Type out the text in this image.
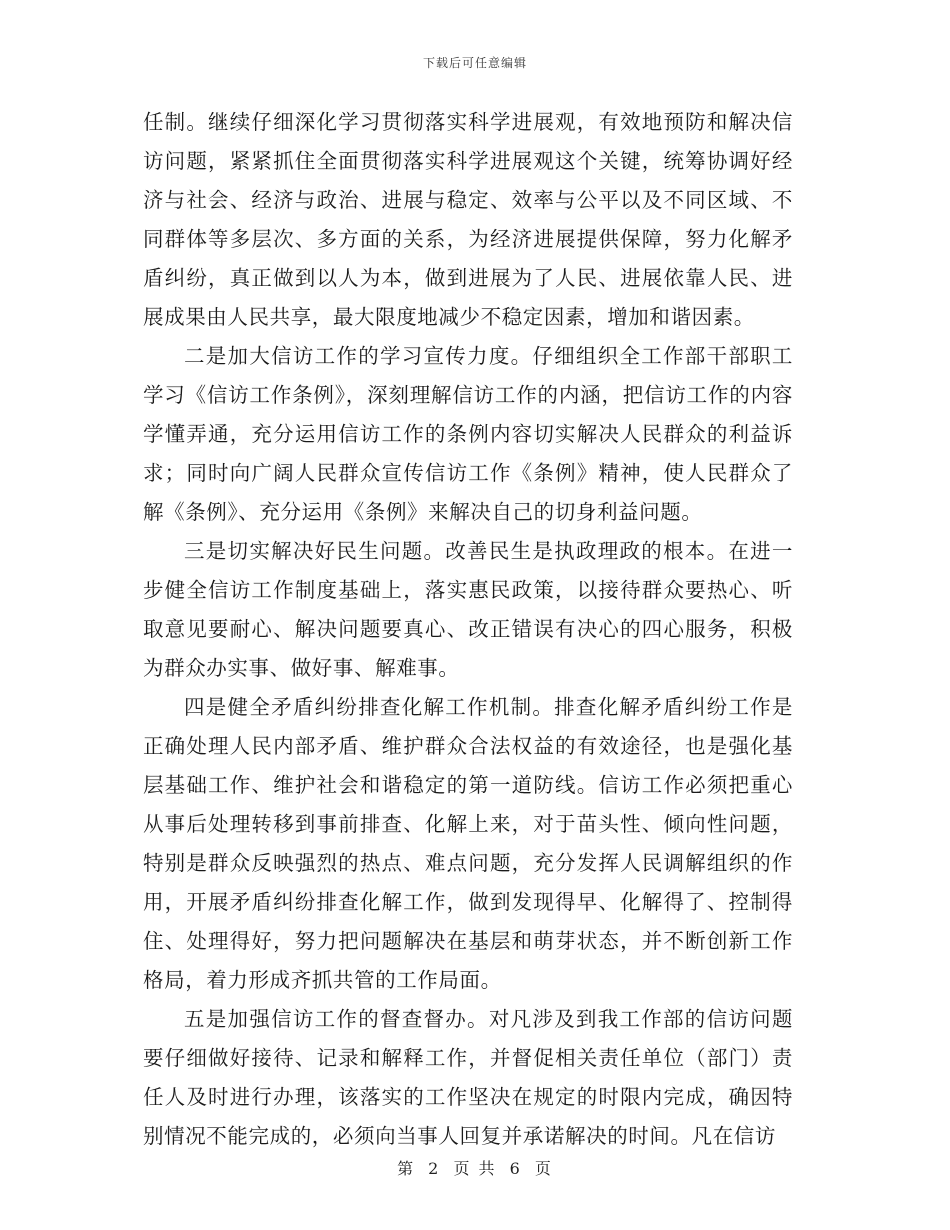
下载后可任意编辑

任制。继续仔细深化学习贯彻落实科学进展观，有效地预防和解决信访问题，紧紧抓住全面贯彻落实科学进展观这个关键，统筹协调好经济与社会、经济与政治、进展与稳定、效率与公平以及不同区域、不同群体等多层次、多方面的关系，为经济进展提供保障，努力化解矛盾纠纷，真正做到以人为本，做到进展为了人民、进展依靠人民、进展成果由人民共享，最大限度地减少不稳定因素，增加和谐因素。

二是加大信访工作的学习宣传力度。仔细组织全工作部干部职工学习《信访工作条例》，深刻理解信访工作的内涵，把信访工作的内容学懂弄通，充分运用信访工作的条例内容切实解决人民群众的利益诉求；同时向广阔人民群众宣传信访工作《条例》精神，使人民群众了解《条例》、充分运用《条例》来解决自己的切身利益问题。

三是切实解决好民生问题。改善民生是执政理政的根本。在进一步健全信访工作制度基础上，落实惠民政策，以接待群众要热心、听取意见要耐心、解决问题要真心、改正错误有决心的四心服务，积极为群众办实事、做好事、解难事。

四是健全矛盾纠纷排查化解工作机制。排查化解矛盾纠纷工作是正确处理人民内部矛盾、维护群众合法权益的有效途径，也是强化基层基础工作、维护社会和谐稳定的第一道防线。信访工作必须把重心从事后处理转移到事前排查、化解上来，对于苗头性、倾向性问题，特别是群众反映强烈的热点、难点问题，充分发挥人民调解组织的作用，开展矛盾纠纷排查化解工作，做到发现得早、化解得了、控制得住、处理得好，努力把问题解决在基层和萌芽状态，并不断创新工作格局，着力形成齐抓共管的工作局面。

五是加强信访工作的督查督办。对凡涉及到我工作部的信访问题要仔细做好接待、记录和解释工作，并督促相关责任单位（部门）责任人及时进行办理，该落实的工作坚决在规定的时限内完成，确因特别情况不能完成的，必须向当事人回复并承诺解决的时间。凡在信访

第 2 页 共 6 页
